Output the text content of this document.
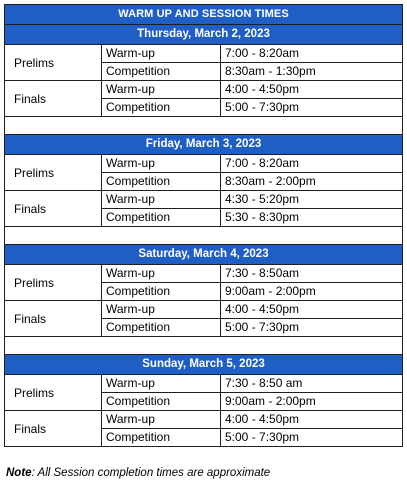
WARM UP AND SESSION TIMES		
Thursday, March 2, 2023		
Prelims	Warm-up	7:00 - 8:20am
	Competition	8:30am - 1:30pm
Finals	Warm-up	4:00 - 4:50pm
	Competition	5:00 - 7:30pm

Friday, March 3, 2023		
Prelims	Warm-up	7:00 - 8:20am
	Competition	8:30am - 2:00pm
Finals	Warm-up	4:30 - 5:20pm
	Competition	5:30 - 8:30pm

Saturday, March 4, 2023		
Prelims	Warm-up	7:30 - 8:50am
	Competition	9:00am - 2:00pm
Finals	Warm-up	4:00 - 4:50pm
	Competition	5:00 - 7:30pm

Sunday, March 5, 2023		
Prelims	Warm-up	7:30 - 8:50 am
	Competition	9:00am - 2:00pm
Finals	Warm-up	4:00 - 4:50pm
	Competition	5:00 - 7:30pm
Note: All Session completion times are approximate
